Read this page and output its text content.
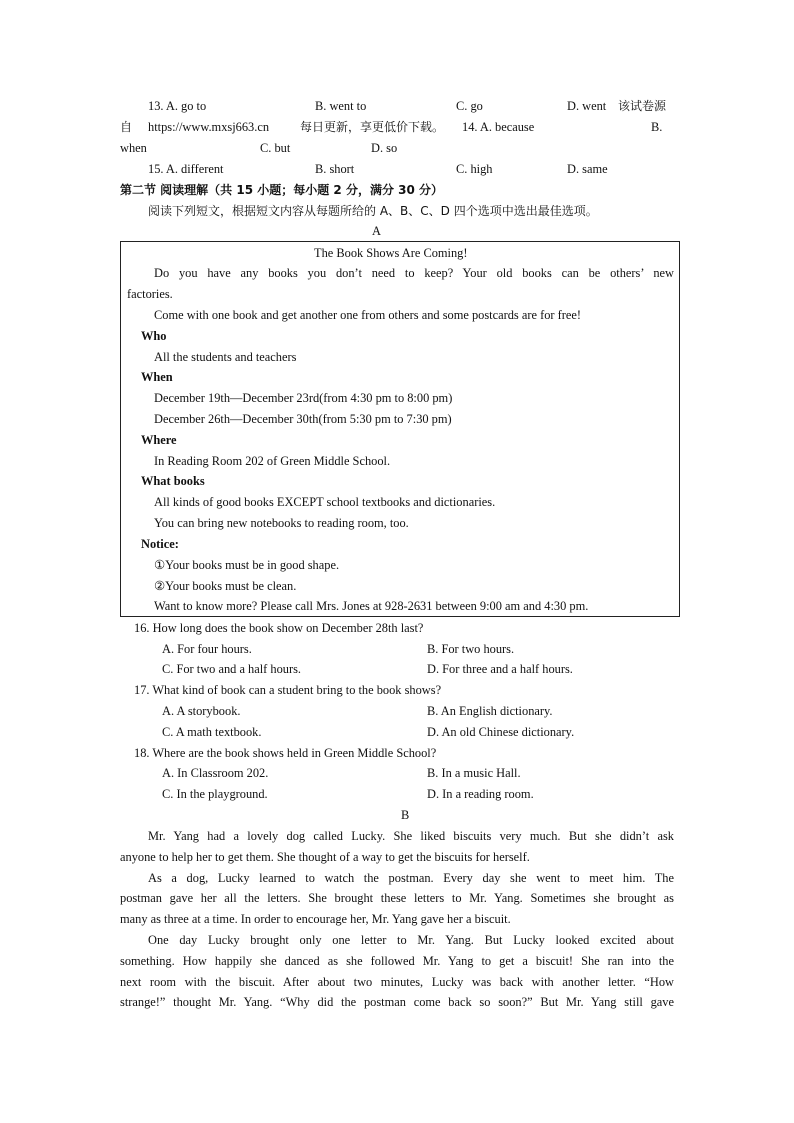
13. A. go to	B. went to	C. go	D. went 该试卷源
自 https://www.mxsj663.cn	每日更新，享更低价下载。 14. A. because	B.
when	C. but	D. so
15. A. different	B. short	C. high	D. same
第二节 阅读理解（共 15 小题；每小题 2 分，满分 30 分）
阅读下列短文，根据短文内容从每题所给的 A、B、C、D 四个选项中选出最佳选项。
A
The Book Shows Are Coming!
Do you have any books you don’t need to keep? Your old books can be others’ new
factories.
Come with one book and get another one from others and some postcards are for free!
Who
All the students and teachers
When
December 19th—December 23rd(from 4:30 pm to 8:00 pm)
December 26th—December 30th(from 5:30 pm to 7:30 pm)
Where
In Reading Room 202 of Green Middle School.
What books
All kinds of good books EXCEPT school textbooks and dictionaries.
You can bring new notebooks to reading room, too.
Notice:
①Your books must be in good shape.
②Your books must be clean.
Want to know more? Please call Mrs. Jones at 928-2631 between 9:00 am and 4:30 pm.
16. How long does the book show on December 28th last?
A. For four hours.	B. For two hours.
C. For two and a half hours.	D. For three and a half hours.
17. What kind of book can a student bring to the book shows?
A. A storybook.	B. An English dictionary.
C. A math textbook.	D. An old Chinese dictionary.
18. Where are the book shows held in Green Middle School?
A. In Classroom 202.	B. In a music Hall.
C. In the playground.	D. In a reading room.
B
Mr. Yang had a lovely dog called Lucky. She liked biscuits very much. But she didn’t ask
anyone to help her to get them. She thought of a way to get the biscuits for herself.
As a dog, Lucky learned to watch the postman. Every day she went to meet him. The
postman gave her all the letters. She brought these letters to Mr. Yang. Sometimes she brought as
many as three at a time. In order to encourage her, Mr. Yang gave her a biscuit.
One day Lucky brought only one letter to Mr. Yang. But Lucky looked excited about
something. How happily she danced as she followed Mr. Yang to get a biscuit! She ran into the
next room with the biscuit. After about two minutes, Lucky was back with another letter. “How
strange!” thought Mr. Yang. “Why did the postman come back so soon?” But Mr. Yang still gave
